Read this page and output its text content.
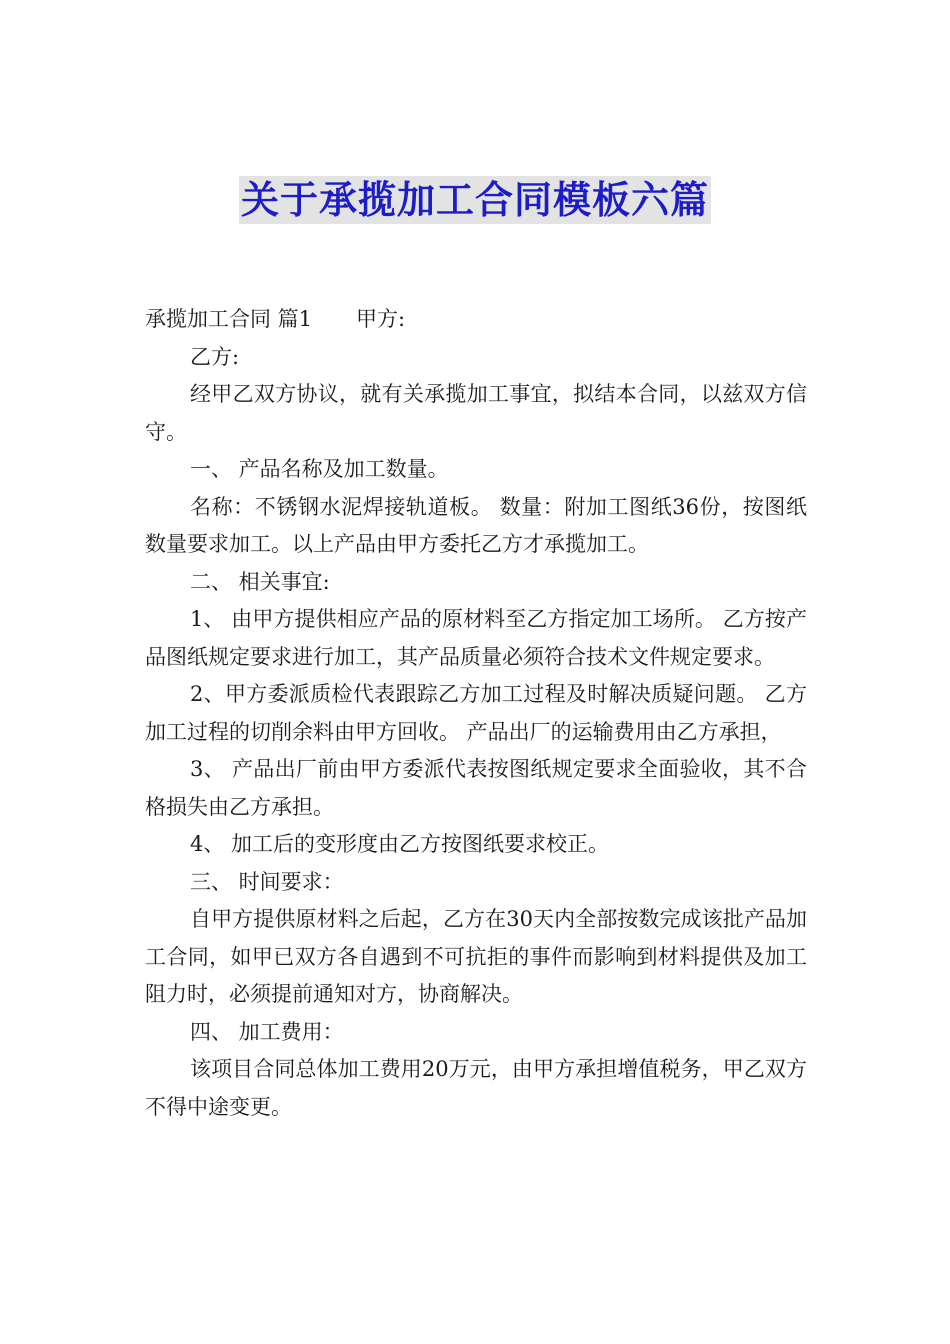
关于承揽加工合同模板六篇

承揽加工合同 篇1 甲方:

乙方:

经甲乙双方协议，就有关承揽加工事宜，拟结本合同，以兹双方信守。

一、 产品名称及加工数量。

名称：不锈钢水泥焊接轨道板。 数量：附加工图纸36份，按图纸数量要求加工。以上产品由甲方委托乙方才承揽加工。

二、 相关事宜:

1、 由甲方提供相应产品的原材料至乙方指定加工场所。 乙方按产品图纸规定要求进行加工，其产品质量必须符合技术文件规定要求。

2、甲方委派质检代表跟踪乙方加工过程及时解决质疑问题。 乙方加工过程的切削余料由甲方回收。 产品出厂的运输费用由乙方承担，

3、 产品出厂前由甲方委派代表按图纸规定要求全面验收，其不合格损失由乙方承担。

4、 加工后的变形度由乙方按图纸要求校正。

三、 时间要求：

自甲方提供原材料之后起，乙方在30天内全部按数完成该批产品加工合同，如甲已双方各自遇到不可抗拒的事件而影响到材料提供及加工阻力时，必须提前通知对方，协商解决。

四、 加工费用：

该项目合同总体加工费用20万元，由甲方承担增值税务，甲乙双方不得中途变更。
